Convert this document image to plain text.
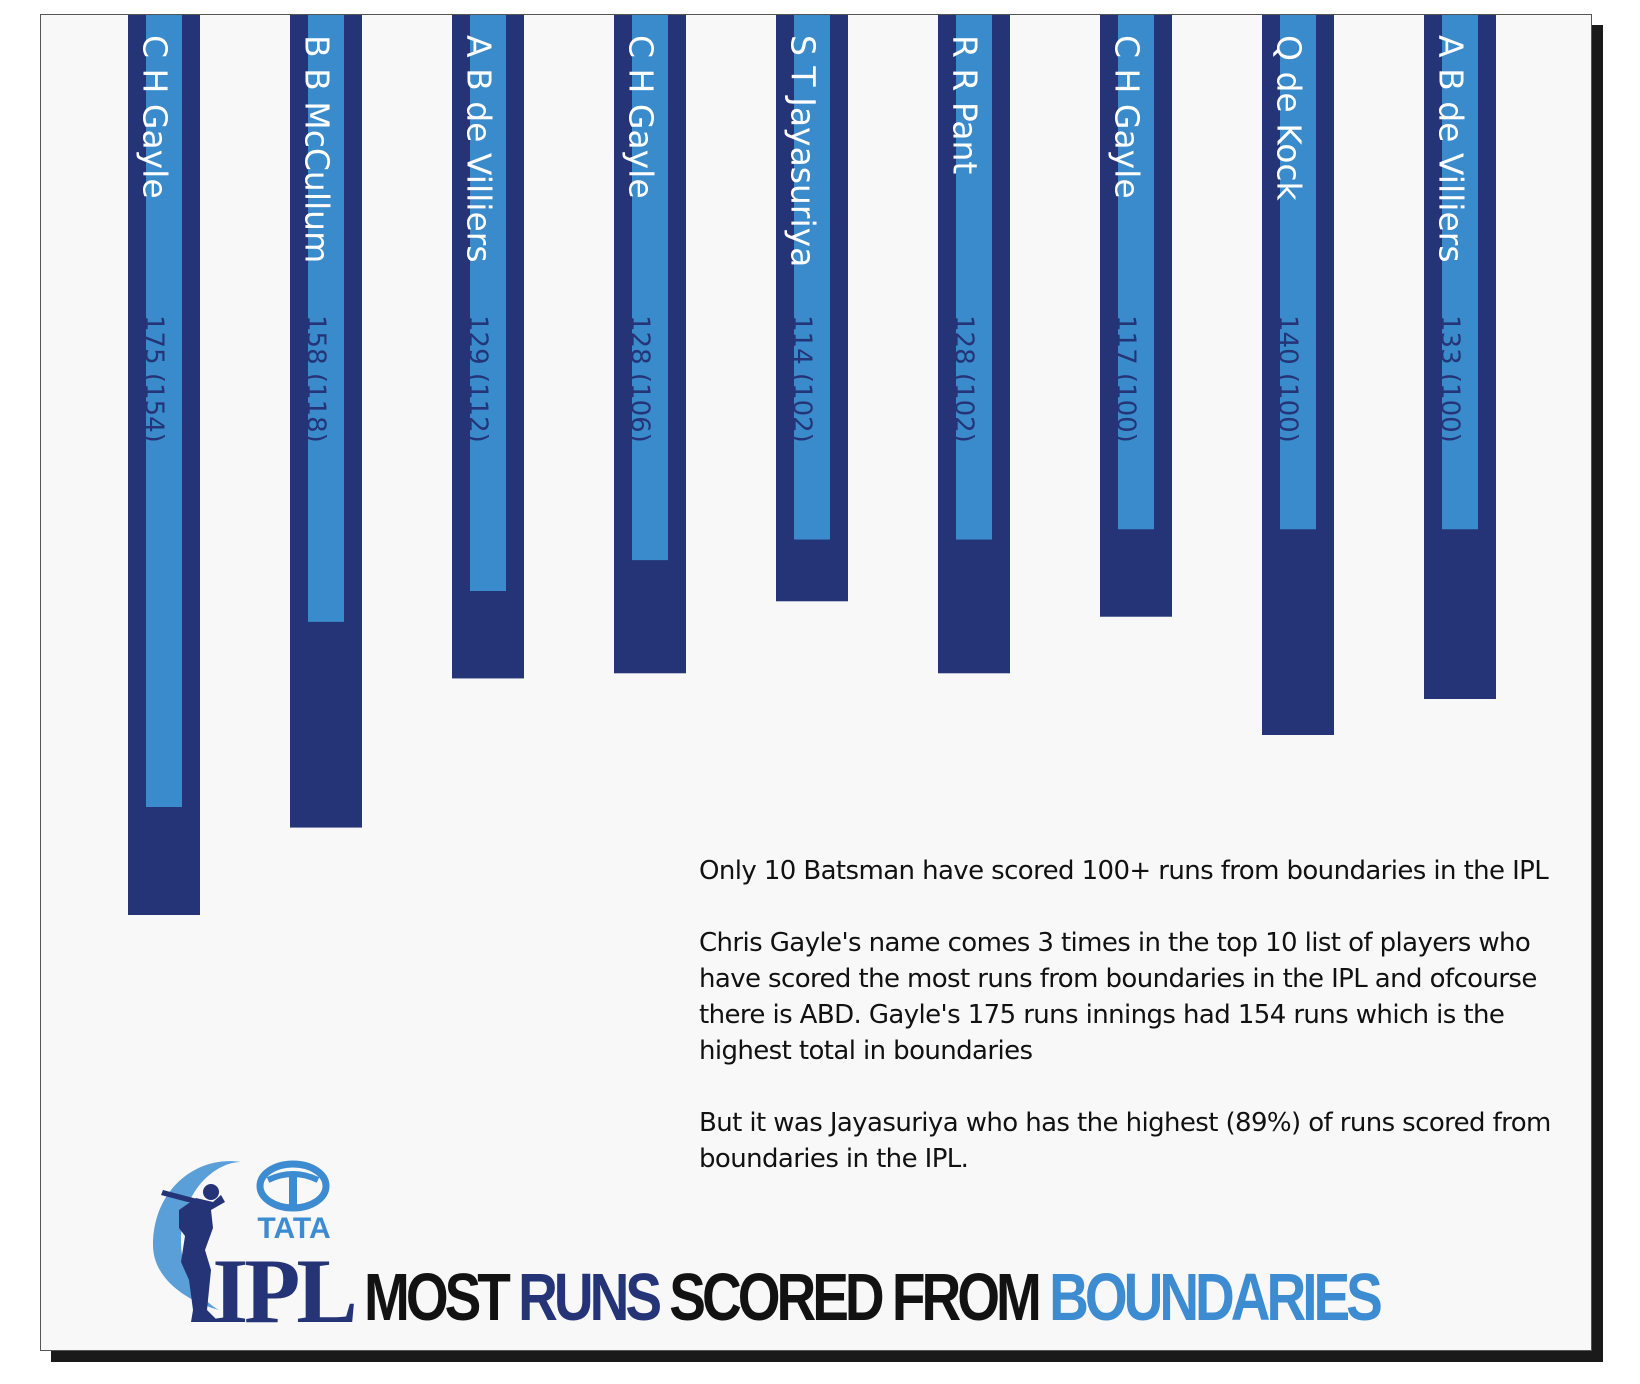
C H Gayle
175 (154)
B B McCullum
158 (118)
A B de Villiers
129 (112)
C H Gayle
128 (106)
S T Jayasuriya
114 (102)
R R Pant
128 (102)
C H Gayle
117 (100)
Q de Kock
140 (100)
A B de Villiers
133 (100)

Only 10 Batsman have scored 100+ runs from boundaries in the IPL

Chris Gayle's name comes 3 times in the top 10 list of players who have scored the most runs from boundaries in the IPL and ofcourse there is ABD. Gayle's 175 runs innings had 154 runs which is the highest total in boundaries

But it was Jayasuriya who has the highest (89%) of runs scored from boundaries in the IPL.

TATA
IPL MOST RUNS SCORED FROM BOUNDARIES
